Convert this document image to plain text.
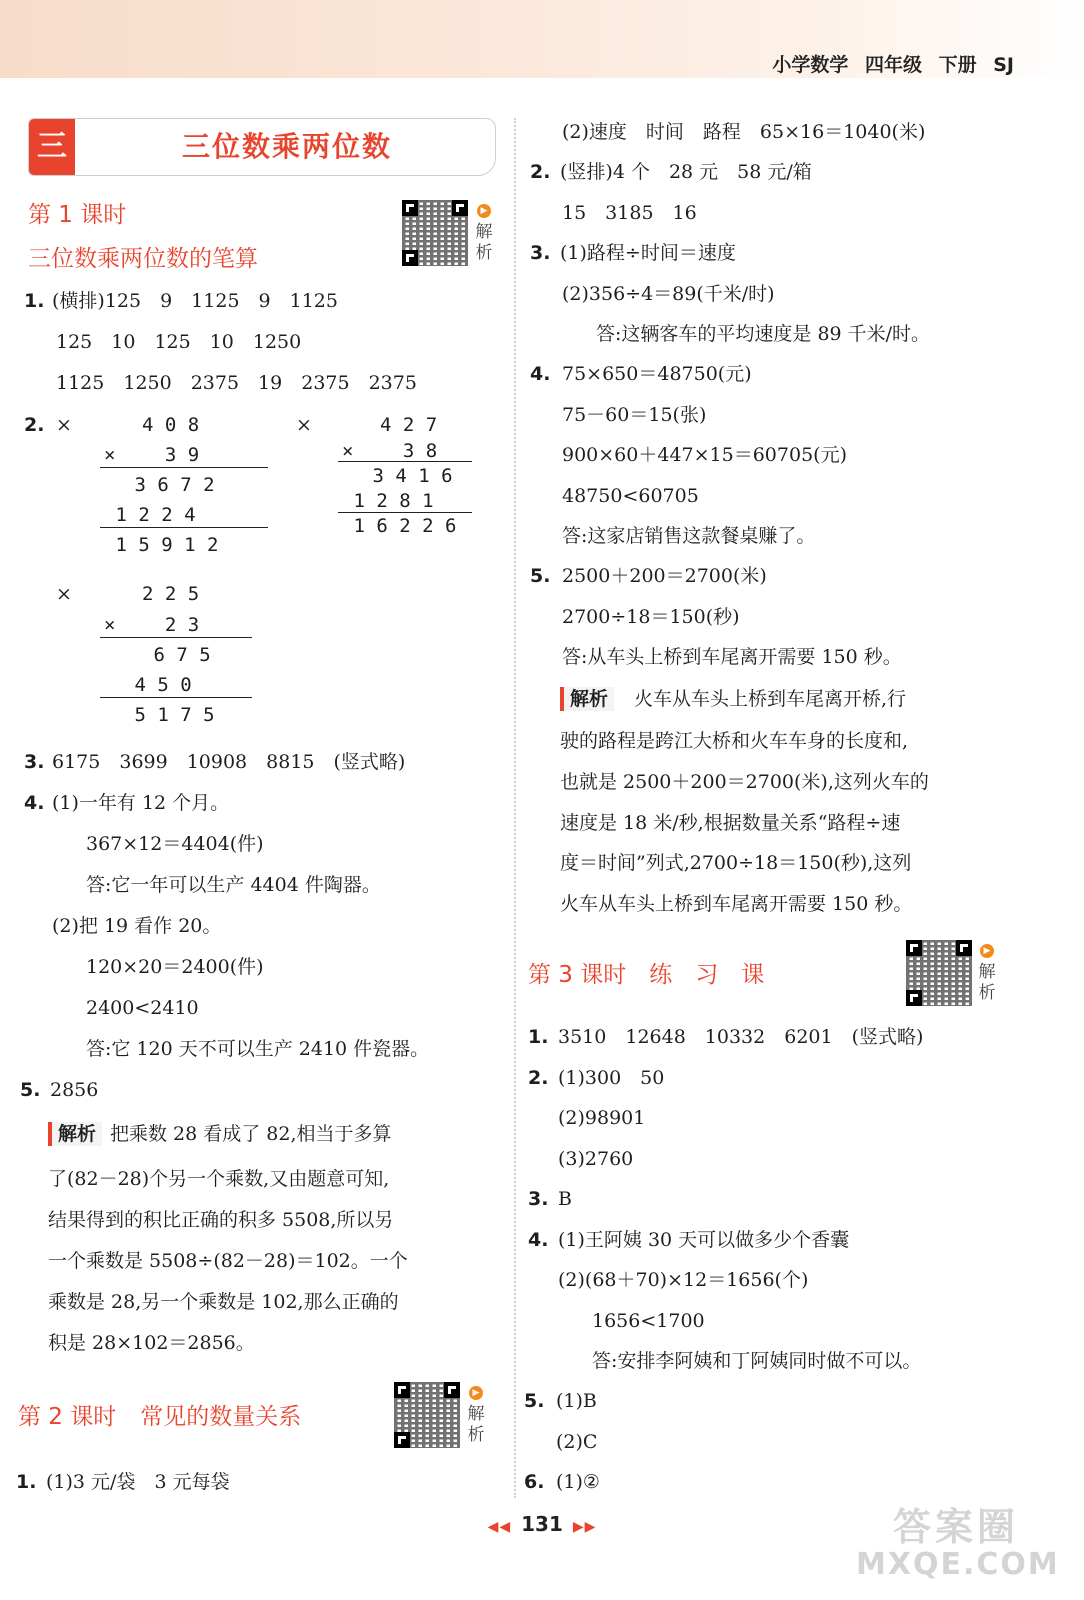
小学数学 四年级 下册 SJ
三	三位数乘两位数
第 1 课时
三位数乘两位数的笔算
▶
解
析
1. (横排)125　9　1125　9　1125
125　10　125　10　1250
1125　1250　2375　19　2375　2375
2. ×	×
×
　　4 0 8
×　　 3 9
　 3 6 7 2
1 2 2 4
1 5 9 1 2
　　4 2 7
×　　 3 8
　 3 4 1 6
1 2 8 1
1 6 2 2 6
　　2 2 5
×　　 2 3
　　 6 7 5
　 4 5 0
　 5 1 7 5
3. 6175　3699　10908　8815　(竖式略)
4. (1)一年有 12 个月。
367×12＝4404(件)
答:它一年可以生产 4404 件陶器。
(2)把 19 看作 20。
120×20＝2400(件)
2400<2410
答:它 120 天不可以生产 2410 件瓷器。
5. 2856
解析 把乘数 28 看成了 82,相当于多算
了(82－28)个另一个乘数,又由题意可知,
结果得到的积比正确的积多 5508,所以另
一个乘数是 5508÷(82－28)＝102。一个
乘数是 28,另一个乘数是 102,那么正确的
积是 28×102＝2856。
第 2 课时 常见的数量关系
▶
解
析
1. (1)3 元/袋　3 元每袋
(2)速度　时间　路程　65×16＝1040(米)
2. (竖排)4 个　28 元　58 元/箱
15　3185　16
3. (1)路程÷时间＝速度
(2)356÷4＝89(千米/时)
答:这辆客车的平均速度是 89 千米/时。
4. 75×650＝48750(元)
75－60＝15(张)
900×60＋447×15＝60705(元)
48750<60705
答:这家店销售这款餐桌赚了。
5. 2500＋200＝2700(米)
2700÷18＝150(秒)
答:从车头上桥到车尾离开需要 150 秒。
解析 火车从车头上桥到车尾离开桥,行
驶的路程是跨江大桥和火车车身的长度和,
也就是 2500＋200＝2700(米),这列火车的
速度是 18 米/秒,根据数量关系“路程÷速
度＝时间”列式,2700÷18＝150(秒),这列
火车从车头上桥到车尾离开需要 150 秒。
第 3 课时　练　习　课
▶
解
析
1. 3510　12648　10332　6201　(竖式略)
2. (1)300　50
(2)98901
(3)2760
3. B
4. (1)王阿姨 30 天可以做多少个香囊
(2)(68＋70)×12＝1656(个)
1656<1700
答:安排李阿姨和丁阿姨同时做不可以。
5. (1)B
(2)C
6. (1)②
◀◀ 131 ▶▶	答案圈
MXQE.COM
